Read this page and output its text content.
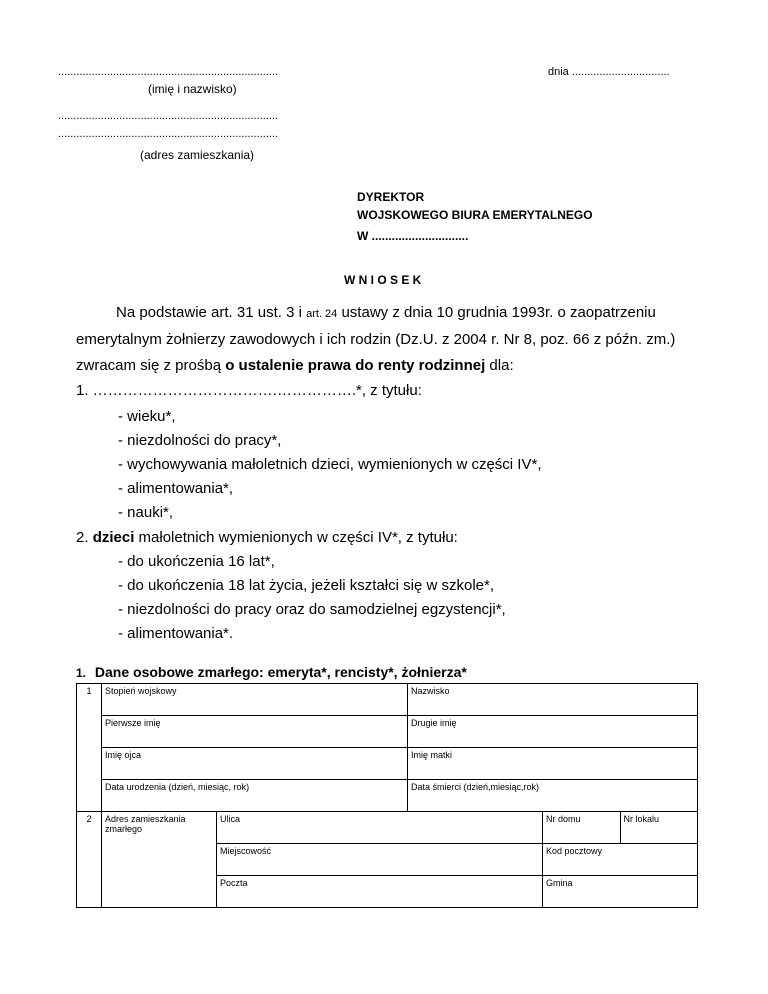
........................................................................
(imię i nazwisko)
dnia ................................
........................................................................
........................................................................
(adres zamieszkania)
DYREKTOR
WOJSKOWEGO BIURA EMERYTALNEGO
W .............................
W N I O S E K
Na podstawie art. 31 ust. 3 i art. 24 ustawy z dnia 10 grudnia 1993r. o zaopatrzeniu
emerytalnym żołnierzy zawodowych i ich rodzin (Dz.U. z 2004 r. Nr 8, poz. 66 z późn. zm.)
zwracam się z prośbą o ustalenie prawa do renty rodzinnej dla:
1. ……………………………….…………….*, z tytułu:
- wieku*,
- niezdolności do pracy*,
- wychowywania małoletnich dzieci, wymienionych w części IV*,
- alimentowania*,
- nauki*,
2. dzieci małoletnich wymienionych w części IV*, z tytułu:
- do ukończenia 16 lat*,
- do ukończenia 18 lat życia, jeżeli kształci się w szkole*,
- niezdolności do pracy oraz do samodzielnej egzystencji*,
- alimentowania*.
1. Dane osobowe zmarłego: emeryta*, rencisty*, żołnierza*
1	Stopień wojskowy	Nazwisko
Pierwsze imię	Drugie imię
Imię ojca	Imię matki
Data urodzenia (dzień, miesiąc, rok)	Data śmierci (dzień,miesiąc,rok)
2	Adres zamieszkania zmarłego	Ulica		Nr domu	Nr lokalu

Miejscowość	Kod pocztowy
Poczta	Gmina
